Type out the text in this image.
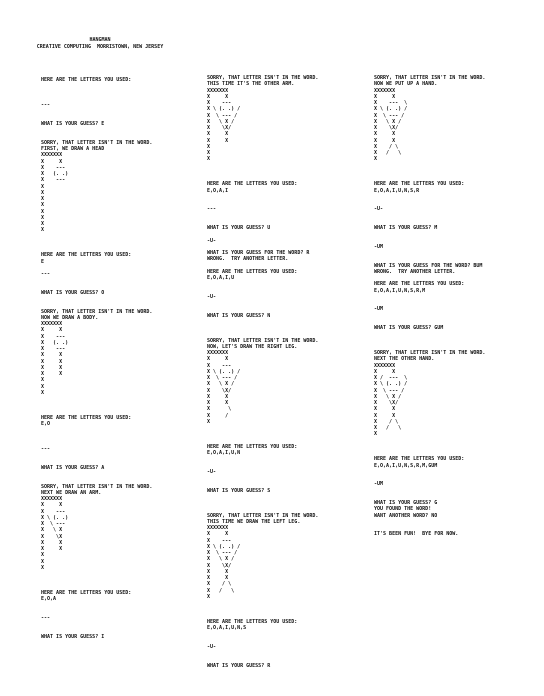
HANGMAN
CREATIVE COMPUTING  MORRISTOWN, NEW JERSEY

HERE ARE THE LETTERS YOU USED:

---

WHAT IS YOUR GUESS? E

SORRY, THAT LETTER ISN'T IN THE WORD.
FIRST, WE DRAW A HEAD
XXXXXXX
X     X
X    ---
X   (. .)
X    ---
X
X
X
X
X
X
X
X

HERE ARE THE LETTERS YOU USED:
E

---

WHAT IS YOUR GUESS? O

SORRY, THAT LETTER ISN'T IN THE WORD.
NOW WE DRAW A BODY.
XXXXXXX
X     X
X    ---
X   (. .)
X    ---
X     X
X     X
X     X
X     X
X
X
X

HERE ARE THE LETTERS YOU USED:
E,O

---

WHAT IS YOUR GUESS? A

SORRY, THAT LETTER ISN'T IN THE WORD.
NEXT WE DRAW AN ARM.
XXXXXXX
X     X
X    ---
X \ (. .)
X  \ ---
X   \ X
X    \X
X     X
X     X
X
X
X

HERE ARE THE LETTERS YOU USED:
E,O,A

---

WHAT IS YOUR GUESS? I
SORRY, THAT LETTER ISN'T IN THE WORD.
THIS TIME IT'S THE OTHER ARM.
XXXXXXX
X     X
X    ---
X \ (. .) /
X  \ --- /
X   \ X /
X    \X/
X     X
X     X
X
X
X

HERE ARE THE LETTERS YOU USED:
E,O,A,I

---

WHAT IS YOUR GUESS? U

-U-

WHAT IS YOUR GUESS FOR THE WORD? R
WRONG.  TRY ANOTHER LETTER.

HERE ARE THE LETTERS YOU USED:
E,O,A,I,U

-U-

WHAT IS YOUR GUESS? N

SORRY, THAT LETTER ISN'T IN THE WORD.
NOW, LET'S DRAW THE RIGHT LEG.
XXXXXXX
X     X
X    ---
X \ (. .) /
X  \ --- /
X   \ X /
X    \X/
X     X
X     X
X      \
X     /
X

HERE ARE THE LETTERS YOU USED:
E,O,A,I,U,N

-U-

WHAT IS YOUR GUESS? S

SORRY, THAT LETTER ISN'T IN THE WORD.
THIS TIME WE DRAW THE LEFT LEG.
XXXXXXX
X     X
X    ---
X \ (. .) /
X  \ --- /
X   \ X /
X    \X/
X     X
X     X
X    / \
X   /   \
X

HERE ARE THE LETTERS YOU USED:
E,O,A,I,U,N,S

-U-

WHAT IS YOUR GUESS? R
SORRY, THAT LETTER ISN'T IN THE WORD.
NOW WE PUT UP A HAND.
XXXXXXX
X     X
X    ---  \
X \ (. .) /
X  \ --- /
X   \ X /
X    \X/
X     X
X     X
X    / \
X   /   \
X

HERE ARE THE LETTERS YOU USED:
E,O,A,I,U,N,S,R

-U-

WHAT IS YOUR GUESS? M

-UM

WHAT IS YOUR GUESS FOR THE WORD? BUM
WRONG.  TRY ANOTHER LETTER.

HERE ARE THE LETTERS YOU USED:
E,O,A,I,U,N,S,R,M

-UM

WHAT IS YOUR GUESS? GUM

SORRY, THAT LETTER ISN'T IN THE WORD.
NEXT THE OTHER HAND.
XXXXXXX
X     X
X /  ---  \
X \ (. .) /
X  \ --- /
X   \ X /
X    \X/
X     X
X     X
X    / \
X   /   \
X

HERE ARE THE LETTERS YOU USED:
E,O,A,I,U,N,S,R,M,GUM

-UM

WHAT IS YOUR GUESS? G
YOU FOUND THE WORD!
WANT ANOTHER WORD? NO

IT'S BEEN FUN!  BYE FOR NOW.
